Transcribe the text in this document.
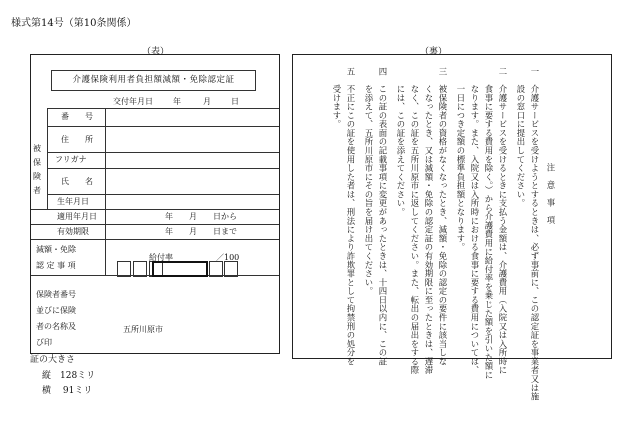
様式第14号（第10条関係）
（表）	（裏）
介護保険利用者負担額減額・免除認定証
交付年月日	年	月	日
被
保
険
者
番　　号
住　　所
フリガナ
氏　　名
生年月日
適用年月日	年　　月　　日から
有効期限	年　　月　　日まで
減額・免除
認 定 事 項
給付率	／100
保険者番号
並びに保険
者の名称及
び印
五所川原市
注　意　事　項
一　介護サービスを受けようとするときは、必ず事前に、この認定証を事業者又は施
　　設の窓口に提出してください。
二　介護サービスを受けるときに支払う金額は、介護費用（入院又は入所時に
　　食事に要する費用を除く。）から介護費用に給付率を乗じた額を引いた額に
　　なります。また、入院又は入所時における食事に要する費用については、
　　一日につき定額の標準負担額となります。
三　被保険者の資格がなくなったとき、減額・免除の認定の要件に該当しな
　　くなったとき、又は減額・免除の認定証の有効期限に至ったときは、遅滞
　　なく、この証を五所川原市に返してください。また、転出の届出をする際
　　には、この証を添えてください。
四　この証の表面の記載事項に変更があったときは、十四日以内に、この証
　　を添えて、五所川原市にその旨を届け出てください。
五　不正にこの証を使用した者は、刑法により詐欺罪として拘禁刑の処分を
　　受けます。
証の大きさ
縦　128ミリ
横　 91ミリ
